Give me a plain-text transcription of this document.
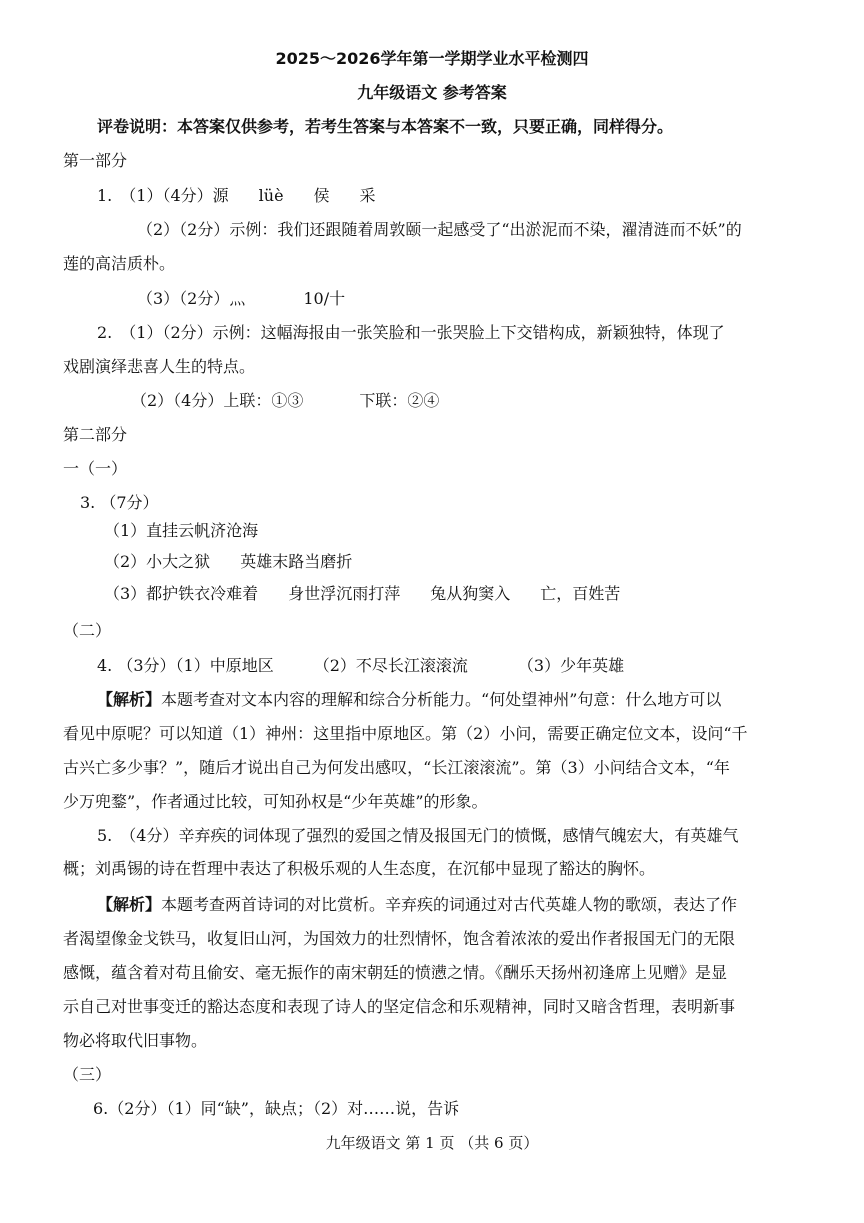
2025～2026学年第一学期学业水平检测四
九年级语文 参考答案
评卷说明：本答案仅供参考，若考生答案与本答案不一致，只要正确，同样得分。
第一部分
1.　（1）（4分）源 lüè 侯 采
（2）（2分）示例：我们还跟随着周敦颐一起感受了“出淤泥而不染，濯清涟而不妖”的
莲的高洁质朴。
（3）（2分）灬	10/十
2.　（1）（2分）示例：这幅海报由一张笑脸和一张哭脸上下交错构成，新颖独特，体现了
戏剧演绎悲喜人生的特点。
（2）（4分）上联：①③	下联：②④
第二部分
一（一）
3. （7分）
（1）直挂云帆济沧海
（2）小大之狱 英雄末路当磨折
（3）都护铁衣冷难着 身世浮沉雨打萍 兔从狗窦入 亡，百姓苦
（二）
4. （3分）（1）中原地区	（2）不尽长江滚滚流	（3）少年英雄
【解析】本题考查对文本内容的理解和综合分析能力。“何处望神州”句意：什么地方可以
看见中原呢？可以知道（1）神州：这里指中原地区。第（2）小问，需要正确定位文本，设问“千
古兴亡多少事？”，随后才说出自己为何发出感叹，“长江滚滚流”。第（3）小问结合文本，“年
少万兜鍪”，作者通过比较，可知孙权是“少年英雄”的形象。
5.　（4分）辛弃疾的词体现了强烈的爱国之情及报国无门的愤慨，感情气魄宏大，有英雄气
概；刘禹锡的诗在哲理中表达了积极乐观的人生态度，在沉郁中显现了豁达的胸怀。
【解析】本题考查两首诗词的对比赏析。辛弃疾的词通过对古代英雄人物的歌颂，表达了作
者渴望像金戈铁马，收复旧山河，为国效力的壮烈情怀，饱含着浓浓的爱出作者报国无门的无限
感慨，蕴含着对苟且偷安、毫无振作的南宋朝廷的愤懑之情。《酬乐天扬州初逢席上见赠》是显
示自己对世事变迁的豁达态度和表现了诗人的坚定信念和乐观精神，同时又暗含哲理，表明新事
物必将取代旧事物。
（三）
6.（2分）（1）同“缺”，缺点；（2）对……说，告诉
九年级语文 第 1 页 （共 6 页）
